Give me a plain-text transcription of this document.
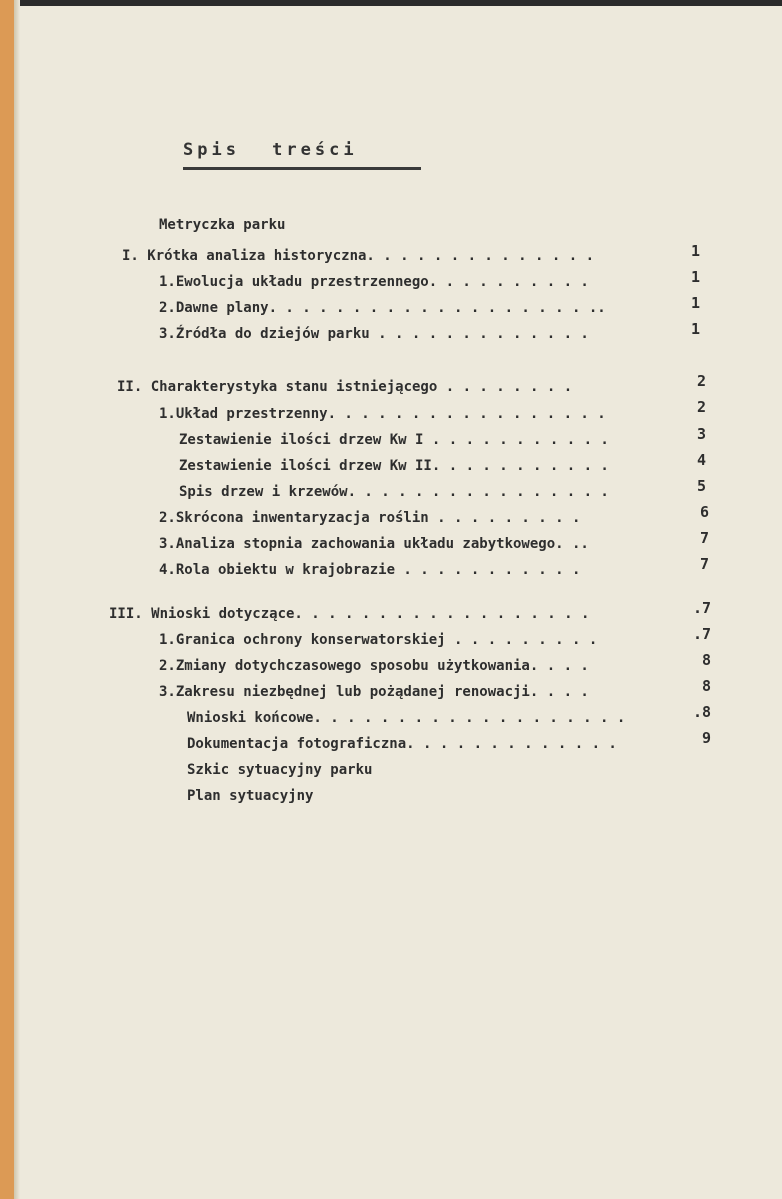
Spis treści
Metryczka parku
I. Krótka analiza historyczna. . . . . . . . . . . . . .	1
1.Ewolucja układu przestrzennego. . . . . . . . . .	1
2.Dawne plany. . . . . . . . . . . . . . . . . . . ..	1
3.Źródła do dziejów parku . . . . . . . . . . . . .	1
II. Charakterystyka stanu istniejącego . . . . . . . .	2
1.Układ przestrzenny. . . . . . . . . . . . . . . . .	2
Zestawienie ilości drzew Kw I . . . . . . . . . . .	3
Zestawienie ilości drzew Kw II. . . . . . . . . . .	4
Spis drzew i krzewów. . . . . . . . . . . . . . . .	5
2.Skrócona inwentaryzacja roślin . . . . . . . . .	6
3.Analiza stopnia zachowania układu zabytkowego. ..	7
4.Rola obiektu w krajobrazie . . . . . . . . . . .	7
III. Wnioski dotyczące. . . . . . . . . . . . . . . . . .	.7
1.Granica ochrony konserwatorskiej . . . . . . . . .	.7
2.Zmiany dotychczasowego sposobu użytkowania. . . .	8
3.Zakresu niezbędnej lub pożądanej renowacji. . . .	8
Wnioski końcowe. . . . . . . . . . . . . . . . . . .	.8
Dokumentacja fotograficzna. . . . . . . . . . . . .	9
Szkic sytuacyjny parku
Plan sytuacyjny
